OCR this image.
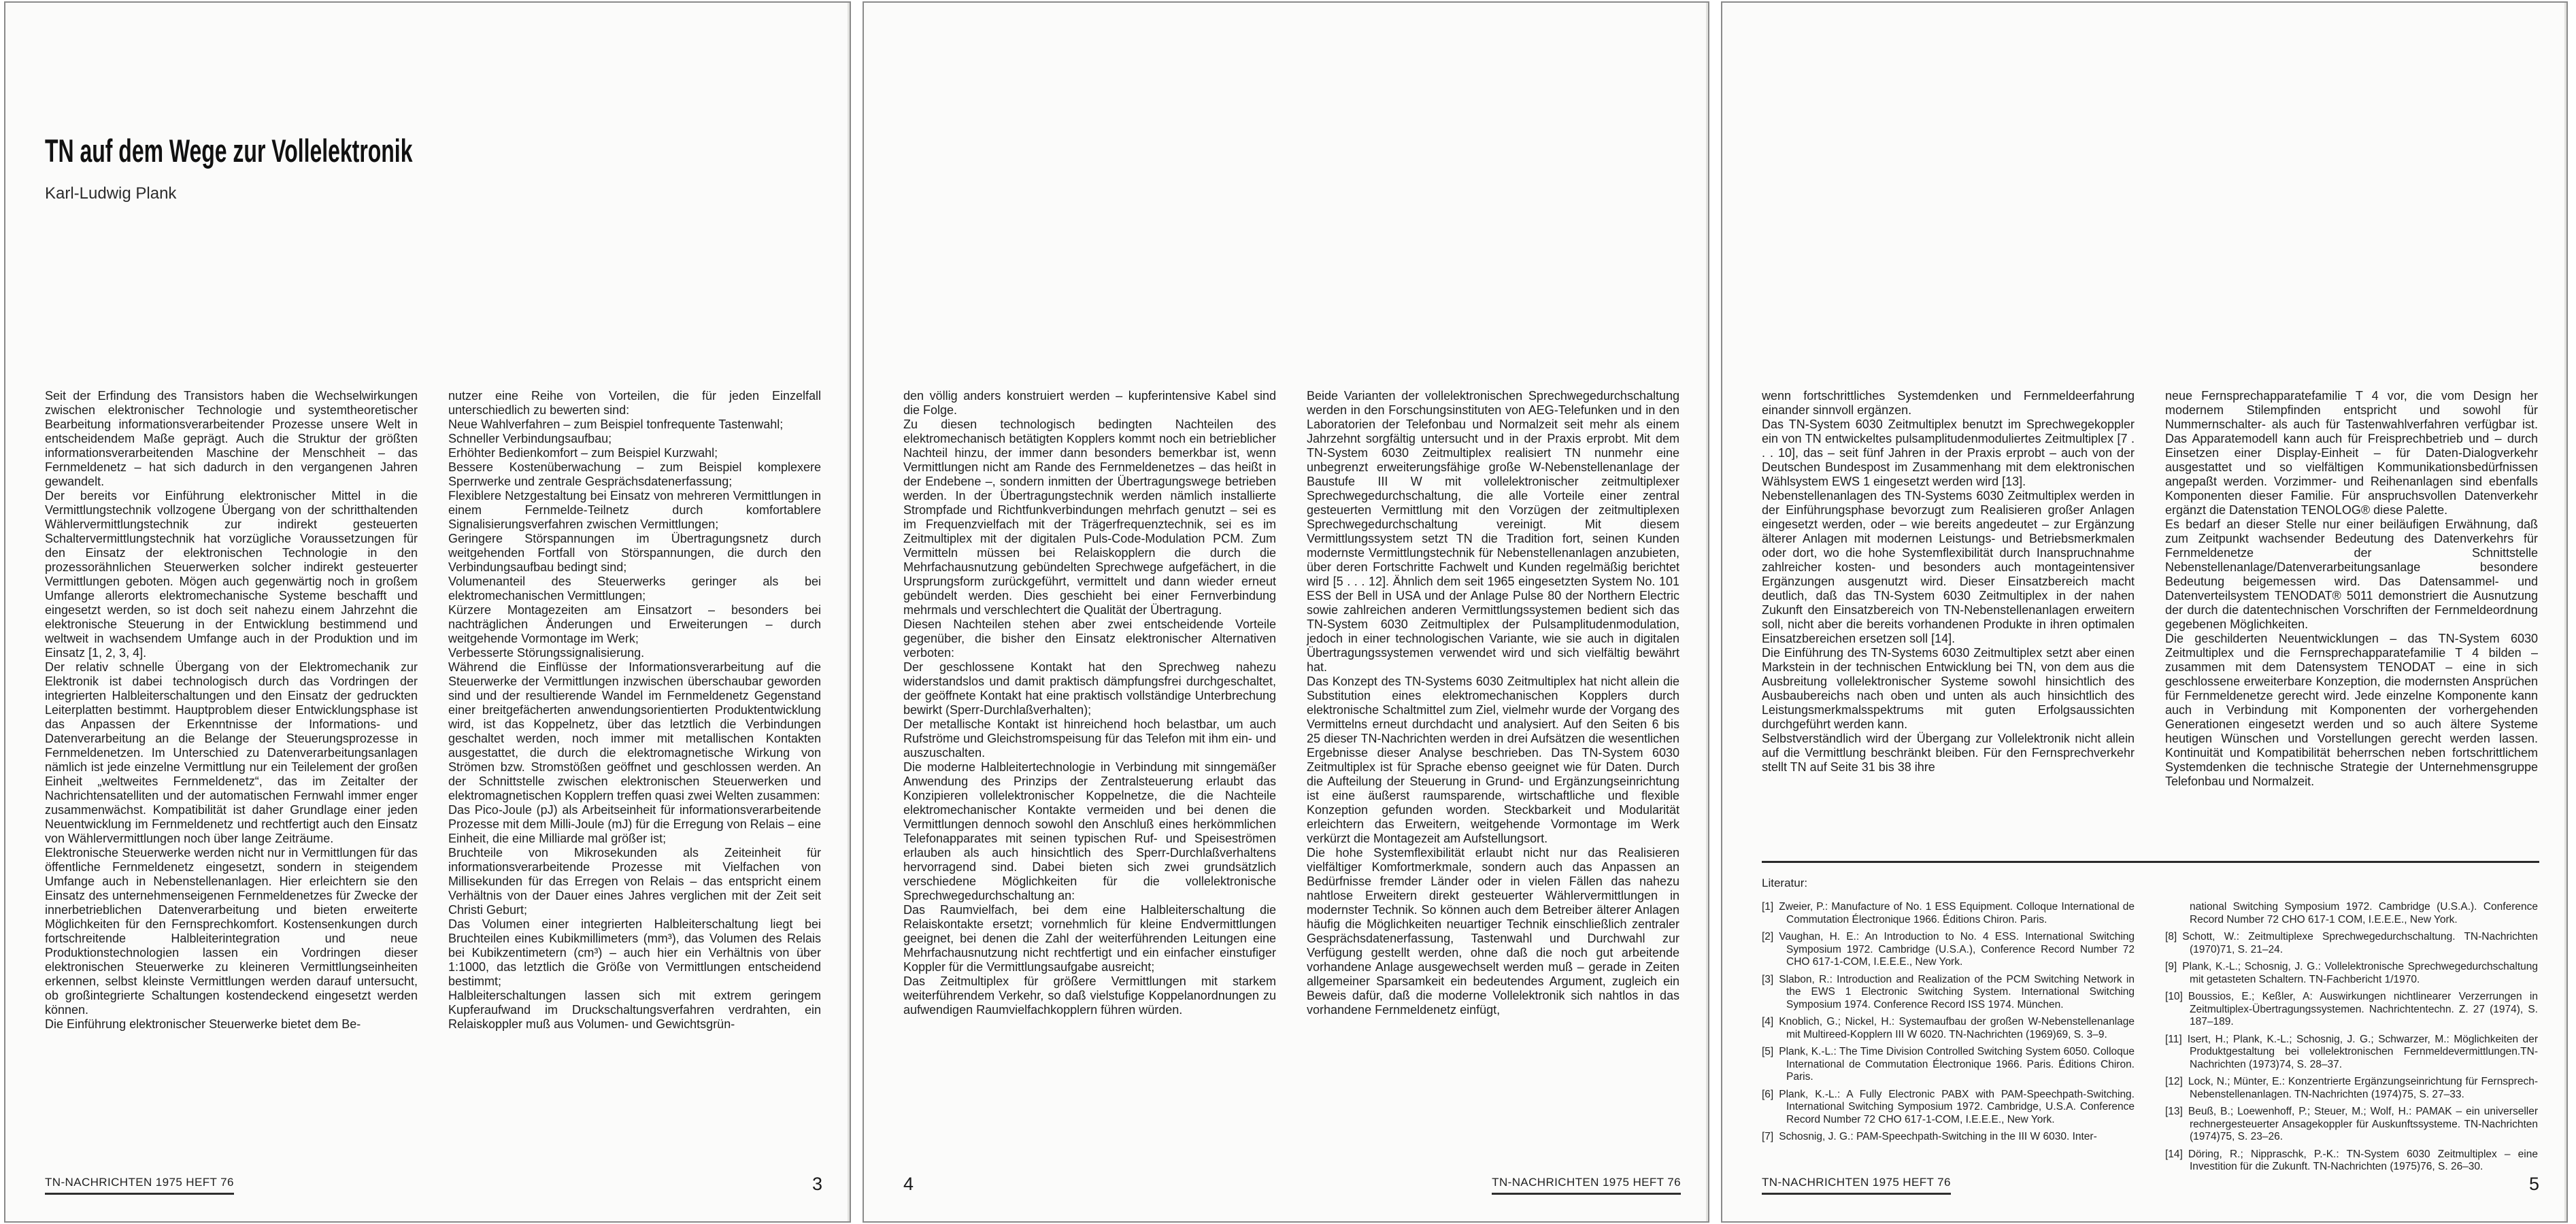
TN auf dem Wege zur Vollelektronik

Karl-Ludwig Plank

Seit der Erfindung des Transistors haben die Wechselwirkungen zwischen elektronischer Technologie und systemtheoretischer Bearbeitung informationsverarbeitender Prozesse unsere Welt in entscheidendem Maße geprägt. Auch die Struktur der größten informationsverarbeitenden Maschine der Menschheit – das Fernmeldenetz – hat sich dadurch in den vergangenen Jahren gewandelt.

Der bereits vor Einführung elektronischer Mittel in die Vermittlungstechnik vollzogene Übergang von der schritthaltenden Wählervermittlungstechnik zur indirekt gesteuerten Schaltervermittlungstechnik hat vorzügliche Voraussetzungen für den Einsatz der elektronischen Technologie in den prozessorähnlichen Steuerwerken solcher indirekt gesteuerter Vermittlungen geboten. Mögen auch gegenwärtig noch in großem Umfange allerorts elektromechanische Systeme beschafft und eingesetzt werden, so ist doch seit nahezu einem Jahrzehnt die elektronische Steuerung in der Entwicklung bestimmend und weltweit in wachsendem Umfange auch in der Produktion und im Einsatz [1, 2, 3, 4].

Der relativ schnelle Übergang von der Elektromechanik zur Elektronik ist dabei technologisch durch das Vordringen der integrierten Halbleiterschaltungen und den Einsatz der gedruckten Leiterplatten bestimmt. Hauptproblem dieser Entwicklungsphase ist das Anpassen der Erkenntnisse der Informations- und Datenverarbeitung an die Belange der Steuerungsprozesse in Fernmeldenetzen. Im Unterschied zu Datenverarbeitungsanlagen nämlich ist jede einzelne Vermittlung nur ein Teilelement der großen Einheit „weltweites Fernmeldenetz“, das im Zeitalter der Nachrichtensatelliten und der automatischen Fernwahl immer enger zusammenwächst. Kompatibilität ist daher Grundlage einer jeden Neuentwicklung im Fernmeldenetz und rechtfertigt auch den Einsatz von Wählervermittlungen noch über lange Zeiträume.

Elektronische Steuerwerke werden nicht nur in Vermittlungen für das öffentliche Fernmeldenetz eingesetzt, sondern in steigendem Umfange auch in Nebenstellenanlagen. Hier erleichtern sie den Einsatz des unternehmenseigenen Fernmeldenetzes für Zwecke der innerbetrieblichen Datenverarbeitung und bieten erweiterte Möglichkeiten für den Fernsprechkomfort. Kostensenkungen durch fortschreitende Halbleiterintegration und neue Produktionstechnologien lassen ein Vordringen dieser elektronischen Steuerwerke zu kleineren Vermittlungseinheiten erkennen, selbst kleinste Vermittlungen werden darauf untersucht, ob großintegrierte Schaltungen kostendeckend eingesetzt werden können.

Die Einführung elektronischer Steuerwerke bietet dem Be-

nutzer eine Reihe von Vorteilen, die für jeden Einzelfall unterschiedlich zu bewerten sind:

Neue Wahlverfahren – zum Beispiel tonfrequente Tastenwahl;

Schneller Verbindungsaufbau;

Erhöhter Bedienkomfort – zum Beispiel Kurzwahl;

Bessere Kostenüberwachung – zum Beispiel komplexere Sperrwerke und zentrale Gesprächsdatenerfassung;

Flexiblere Netzgestaltung bei Einsatz von mehreren Vermittlungen in einem Fernmelde-Teilnetz durch komfortablere Signalisierungsverfahren zwischen Vermittlungen;

Geringere Störspannungen im Übertragungsnetz durch weitgehenden Fortfall von Störspannungen, die durch den Verbindungsaufbau bedingt sind;

Volumenanteil des Steuerwerks geringer als bei elektromechanischen Vermittlungen;

Kürzere Montagezeiten am Einsatzort – besonders bei nachträglichen Änderungen und Erweiterungen – durch weitgehende Vormontage im Werk;

Verbesserte Störungssignalisierung.

Während die Einflüsse der Informationsverarbeitung auf die Steuerwerke der Vermittlungen inzwischen überschaubar geworden sind und der resultierende Wandel im Fernmeldenetz Gegenstand einer breitgefächerten anwendungsorientierten Produktentwicklung wird, ist das Koppelnetz, über das letztlich die Verbindungen geschaltet werden, noch immer mit metallischen Kontakten ausgestattet, die durch die elektromagnetische Wirkung von Strömen bzw. Stromstößen geöffnet und geschlossen werden. An der Schnittstelle zwischen elektronischen Steuerwerken und elektromagnetischen Kopplern treffen quasi zwei Welten zusammen:

Das Pico-Joule (pJ) als Arbeitseinheit für informationsverarbeitende Prozesse mit dem Milli-Joule (mJ) für die Erregung von Relais – eine Einheit, die eine Milliarde mal größer ist;

Bruchteile von Mikrosekunden als Zeiteinheit für informationsverarbeitende Prozesse mit Vielfachen von Millisekunden für das Erregen von Relais – das entspricht einem Verhältnis von der Dauer eines Jahres verglichen mit der Zeit seit Christi Geburt;

Das Volumen einer integrierten Halbleiterschaltung liegt bei Bruchteilen eines Kubikmillimeters (mm³), das Volumen des Relais bei Kubikzentimetern (cm³) – auch hier ein Verhältnis von über 1:1000, das letztlich die Größe von Vermittlungen entscheidend bestimmt;

Halbleiterschaltungen lassen sich mit extrem geringem Kupferaufwand im Druckschaltungsverfahren verdrahten, ein Relaiskoppler muß aus Volumen- und Gewichtsgrün-

TN-NACHRICHTEN 1975 HEFT 76	3

den völlig anders konstruiert werden – kupferintensive Kabel sind die Folge.

Zu diesen technologisch bedingten Nachteilen des elektromechanisch betätigten Kopplers kommt noch ein betrieblicher Nachteil hinzu, der immer dann besonders bemerkbar ist, wenn Vermittlungen nicht am Rande des Fernmeldenetzes – das heißt in der Endebene –, sondern inmitten der Übertragungswege betrieben werden. In der Übertragungstechnik werden nämlich installierte Strompfade und Richtfunkverbindungen mehrfach genutzt – sei es im Frequenzvielfach mit der Trägerfrequenztechnik, sei es im Zeitmultiplex mit der digitalen Puls-Code-Modulation PCM. Zum Vermitteln müssen bei Relaiskopplern die durch die Mehrfachausnutzung gebündelten Sprechwege aufgefächert, in die Ursprungsform zurückgeführt, vermittelt und dann wieder erneut gebündelt werden. Dies geschieht bei einer Fernverbindung mehrmals und verschlechtert die Qualität der Übertragung.

Diesen Nachteilen stehen aber zwei entscheidende Vorteile gegenüber, die bisher den Einsatz elektronischer Alternativen verboten:

Der geschlossene Kontakt hat den Sprechweg nahezu widerstandslos und damit praktisch dämpfungsfrei durchgeschaltet, der geöffnete Kontakt hat eine praktisch vollständige Unterbrechung bewirkt (Sperr-Durchlaßverhalten);

Der metallische Kontakt ist hinreichend hoch belastbar, um auch Rufströme und Gleichstromspeisung für das Telefon mit ihm ein- und auszuschalten.

Die moderne Halbleitertechnologie in Verbindung mit sinngemäßer Anwendung des Prinzips der Zentralsteuerung erlaubt das Konzipieren vollelektronischer Koppelnetze, die die Nachteile elektromechanischer Kontakte vermeiden und bei denen die Vermittlungen dennoch sowohl den Anschluß eines herkömmlichen Telefonapparates mit seinen typischen Ruf- und Speiseströmen erlauben als auch hinsichtlich des Sperr-Durchlaßverhaltens hervorragend sind. Dabei bieten sich zwei grundsätzlich verschiedene Möglichkeiten für die vollelektronische Sprechwegedurchschaltung an:

Das Raumvielfach, bei dem eine Halbleiterschaltung die Relaiskontakte ersetzt; vornehmlich für kleine Endvermittlungen geeignet, bei denen die Zahl der weiterführenden Leitungen eine Mehrfachausnutzung nicht rechtfertigt und ein einfacher einstufiger Koppler für die Vermittlungsaufgabe ausreicht;

Das Zeitmultiplex für größere Vermittlungen mit starkem weiterführendem Verkehr, so daß vielstufige Koppelanordnungen zu aufwendigen Raumvielfachkopplern führen würden.

Beide Varianten der vollelektronischen Sprechwegedurchschaltung werden in den Forschungsinstituten von AEG-Telefunken und in den Laboratorien der Telefonbau und Normalzeit seit mehr als einem Jahrzehnt sorgfältig untersucht und in der Praxis erprobt. Mit dem TN-System 6030 Zeitmultiplex realisiert TN nunmehr eine unbegrenzt erweiterungsfähige große W-Nebenstellenanlage der Baustufe III W mit vollelektronischer zeitmultiplexer Sprechwegedurchschaltung, die alle Vorteile einer zentral gesteuerten Vermittlung mit den Vorzügen der zeitmultiplexen Sprechwegedurchschaltung vereinigt. Mit diesem Vermittlungssystem setzt TN die Tradition fort, seinen Kunden modernste Vermittlungstechnik für Nebenstellenanlagen anzubieten, über deren Fortschritte Fachwelt und Kunden regelmäßig berichtet wird [5 . . . 12]. Ähnlich dem seit 1965 eingesetzten System No. 101 ESS der Bell in USA und der Anlage Pulse 80 der Northern Electric sowie zahlreichen anderen Vermittlungssystemen bedient sich das TN-System 6030 Zeitmultiplex der Pulsamplitudenmodulation, jedoch in einer technologischen Variante, wie sie auch in digitalen Übertragungssystemen verwendet wird und sich vielfältig bewährt hat.

Das Konzept des TN-Systems 6030 Zeitmultiplex hat nicht allein die Substitution eines elektromechanischen Kopplers durch elektronische Schaltmittel zum Ziel, vielmehr wurde der Vorgang des Vermittelns erneut durchdacht und analysiert. Auf den Seiten 6 bis 25 dieser TN-Nachrichten werden in drei Aufsätzen die wesentlichen Ergebnisse dieser Analyse beschrieben. Das TN-System 6030 Zeitmultiplex ist für Sprache ebenso geeignet wie für Daten. Durch die Aufteilung der Steuerung in Grund- und Ergänzungseinrichtung ist eine äußerst raumsparende, wirtschaftliche und flexible Konzeption gefunden worden. Steckbarkeit und Modularität erleichtern das Erweitern, weitgehende Vormontage im Werk verkürzt die Montagezeit am Aufstellungsort.

Die hohe Systemflexibilität erlaubt nicht nur das Realisieren vielfältiger Komfortmerkmale, sondern auch das Anpassen an Bedürfnisse fremder Länder oder in vielen Fällen das nahezu nahtlose Erweitern direkt gesteuerter Wählervermittlungen in modernster Technik. So können auch dem Betreiber älterer Anlagen häufig die Möglichkeiten neuartiger Technik einschließlich zentraler Gesprächsdatenerfassung, Tastenwahl und Durchwahl zur Verfügung gestellt werden, ohne daß die noch gut arbeitende vorhandene Anlage ausgewechselt werden muß – gerade in Zeiten allgemeiner Sparsamkeit ein bedeutendes Argument, zugleich ein Beweis dafür, daß die moderne Vollelektronik sich nahtlos in das vorhandene Fernmeldenetz einfügt,

4	TN-NACHRICHTEN 1975 HEFT 76

wenn fortschrittliches Systemdenken und Fernmeldeerfahrung einander sinnvoll ergänzen.

Das TN-System 6030 Zeitmultiplex benutzt im Sprechwegekoppler ein von TN entwickeltes pulsamplitudenmoduliertes Zeitmultiplex [7 . . . 10], das – seit fünf Jahren in der Praxis erprobt – auch von der Deutschen Bundespost im Zusammenhang mit dem elektronischen Wählsystem EWS 1 eingesetzt werden wird [13].

Nebenstellenanlagen des TN-Systems 6030 Zeitmultiplex werden in der Einführungsphase bevorzugt zum Realisieren großer Anlagen eingesetzt werden, oder – wie bereits angedeutet – zur Ergänzung älterer Anlagen mit modernen Leistungs- und Betriebsmerkmalen oder dort, wo die hohe Systemflexibilität durch Inanspruchnahme zahlreicher kosten- und besonders auch montageintensiver Ergänzungen ausgenutzt wird. Dieser Einsatzbereich macht deutlich, daß das TN-System 6030 Zeitmultiplex in der nahen Zukunft den Einsatzbereich von TN-Nebenstellenanlagen erweitern soll, nicht aber die bereits vorhandenen Produkte in ihren optimalen Einsatzbereichen ersetzen soll [14].

Die Einführung des TN-Systems 6030 Zeitmultiplex setzt aber einen Markstein in der technischen Entwicklung bei TN, von dem aus die Ausbreitung vollelektronischer Systeme sowohl hinsichtlich des Ausbaubereichs nach oben und unten als auch hinsichtlich des Leistungsmerkmalsspektrums mit guten Erfolgsaussichten durchgeführt werden kann.

Selbstverständlich wird der Übergang zur Vollelektronik nicht allein auf die Vermittlung beschränkt bleiben. Für den Fernsprechverkehr stellt TN auf Seite 31 bis 38 ihre

neue Fernsprechapparatefamilie T 4 vor, die vom Design her modernem Stilempfinden entspricht und sowohl für Nummernschalter- als auch für Tastenwahlverfahren verfügbar ist. Das Apparatemodell kann auch für Freisprechbetrieb und – durch Einsetzen einer Display-Einheit – für Daten-Dialogverkehr ausgestattet und so vielfältigen Kommunikationsbedürfnissen angepaßt werden. Vorzimmer- und Reihenanlagen sind ebenfalls Komponenten dieser Familie. Für anspruchsvollen Datenverkehr ergänzt die Datenstation TENOLOG® diese Palette.

Es bedarf an dieser Stelle nur einer beiläufigen Erwähnung, daß zum Zeitpunkt wachsender Bedeutung des Datenverkehrs für Fernmeldenetze der Schnittstelle Nebenstellenanlage/Datenverarbeitungsanlage besondere Bedeutung beigemessen wird. Das Datensammel- und Datenverteilsystem TENODAT® 5011 demonstriert die Ausnutzung der durch die datentechnischen Vorschriften der Fernmeldeordnung gegebenen Möglichkeiten.

Die geschilderten Neuentwicklungen – das TN-System 6030 Zeitmultiplex und die Fernsprechapparatefamilie T 4 bilden – zusammen mit dem Datensystem TENODAT – eine in sich geschlossene erweiterbare Konzeption, die modernsten Ansprüchen für Fernmeldenetze gerecht wird. Jede einzelne Komponente kann auch in Verbindung mit Komponenten der vorhergehenden Generationen eingesetzt werden und so auch ältere Systeme heutigen Wünschen und Vorstellungen gerecht werden lassen. Kontinuität und Kompatibilität beherrschen neben fortschrittlichem Systemdenken die technische Strategie der Unternehmensgruppe Telefonbau und Normalzeit.

Literatur:

[1] Zweier, P.: Manufacture of No. 1 ESS Equipment. Colloque International de Commutation Électronique 1966. Éditions Chiron. Paris.
[2] Vaughan, H. E.: An Introduction to No. 4 ESS. International Switching Symposium 1972. Cambridge (U.S.A.), Conference Record Number 72 CHO 617-1-COM, I.E.E.E., New York.
[3] Slabon, R.: Introduction and Realization of the PCM Switching Network in the EWS 1 Electronic Switching System. International Switching Symposium 1974. Conference Record ISS 1974. München.
[4] Knoblich, G.; Nickel, H.: Systemaufbau der großen W-Nebenstellenanlage mit Multireed-Kopplern III W 6020. TN-Nachrichten (1969)69, S. 3–9.
[5] Plank, K.-L.: The Time Division Controlled Switching System 6050. Colloque International de Commutation Électronique 1966. Paris. Éditions Chiron. Paris.
[6] Plank, K.-L.: A Fully Electronic PABX with PAM-Speechpath-Switching. International Switching Symposium 1972. Cambridge, U.S.A. Conference Record Number 72 CHO 617-1-COM, I.E.E.E., New York.
[7] Schosnig, J. G.: PAM-Speechpath-Switching in the III W 6030. Inter-
national Switching Symposium 1972. Cambridge (U.S.A.). Conference Record Number 72 CHO 617-1 COM, I.E.E.E., New York.
[8] Schott, W.: Zeitmultiplexe Sprechwegedurchschaltung. TN-Nachrichten (1970)71, S. 21–24.
[9] Plank, K.-L.; Schosnig, J. G.: Vollelektronische Sprechwegedurchschaltung mit getasteten Schaltern. TN-Fachbericht 1/1970.
[10] Boussios, E.; Keßler, A: Auswirkungen nichtlinearer Verzerrungen in Zeitmultiplex-Übertragungssystemen. Nachrichtentechn. Z. 27 (1974), S. 187–189.
[11] Isert, H.; Plank, K.-L.; Schosnig, J. G.; Schwarzer, M.: Möglichkeiten der Produktgestaltung bei vollelektronischen Fernmeldevermittlungen.TN-Nachrichten (1973)74, S. 28–37.
[12] Lock, N.; Münter, E.: Konzentrierte Ergänzungseinrichtung für Fernsprech-Nebenstellenanlagen. TN-Nachrichten (1974)75, S. 27–33.
[13] Beuß, B.; Loewenhoff, P.; Steuer, M.; Wolf, H.: PAMAK – ein universeller rechnergesteuerter Ansagekoppler für Auskunftssysteme. TN-Nachrichten (1974)75, S. 23–26.
[14] Döring, R.; Nippraschk, P.-K.: TN-System 6030 Zeitmultiplex – eine Investition für die Zukunft. TN-Nachrichten (1975)76, S. 26–30.
TN-NACHRICHTEN 1975 HEFT 76	5
